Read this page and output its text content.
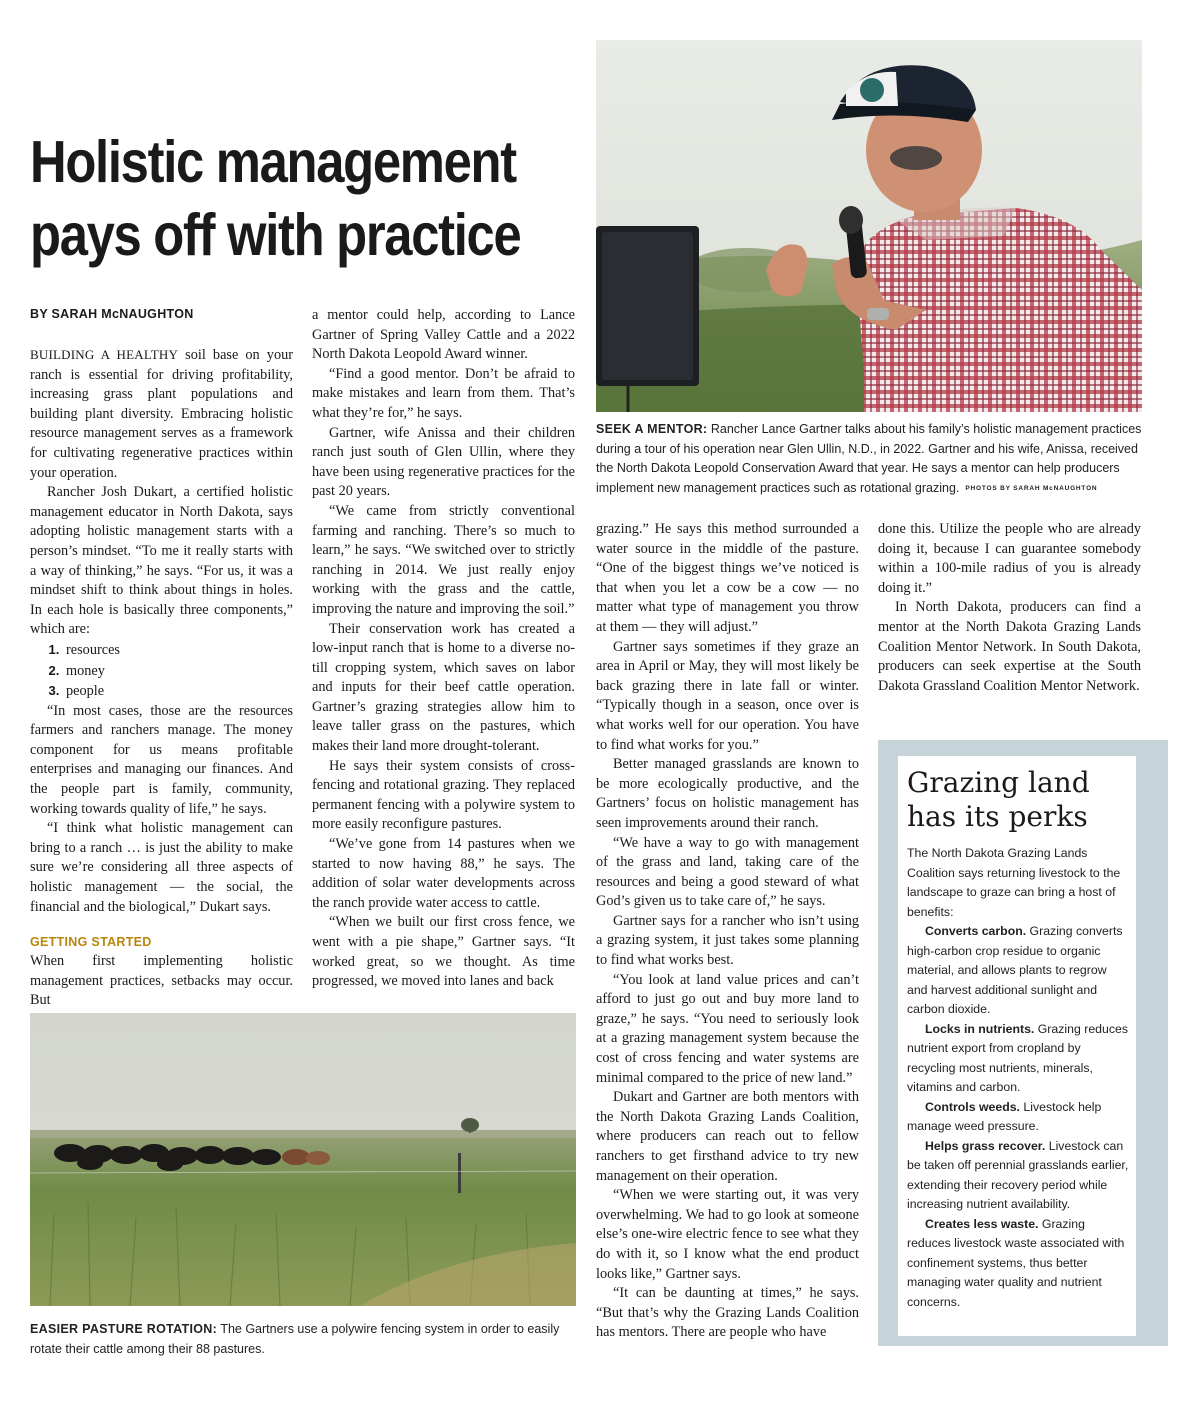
Holistic management
pays off with practice
BY SARAH McNAUGHTON
SEEK A MENTOR: Rancher Lance Gartner talks about his family’s holistic management practices during a tour of his operation near Glen Ullin, N.D., in 2022. Gartner and his wife, Anissa, received the North Dakota Leopold Conservation Award that year. He says a mentor can help producers implement new management practices such as rotational grazing. PHOTOS BY SARAH McNAUGHTON

BUILDING A HEALTHY soil base on your ranch is essential for driving profitability, increasing grass plant populations and building plant diversity. Embracing holistic resource management serves as a framework for cultivating regenerative practices within your operation.

Rancher Josh Dukart, a certified holistic management educator in North Dakota, says adopting holistic management starts with a person’s mindset. “To me it really starts with a way of thinking,” he says. “For us, it was a mindset shift to think about things in holes. In each hole is basically three components,” which are:

1. resources
2. money
3. people

“In most cases, those are the resources farmers and ranchers manage. The money component for us means profitable enterprises and managing our finances. And the people part is family, community, working towards quality of life,” he says.

“I think what holistic management can bring to a ranch … is just the ability to make sure we’re considering all three aspects of holistic management — the social, the financial and the biological,” Dukart says.

GETTING STARTED

When first implementing holistic management practices, setbacks may occur. But

a mentor could help, according to Lance Gartner of Spring Valley Cattle and a 2022 North Dakota Leopold Award winner.

“Find a good mentor. Don’t be afraid to make mistakes and learn from them. That’s what they’re for,” he says.

Gartner, wife Anissa and their children ranch just south of Glen Ullin, where they have been using regenerative practices for the past 20 years.

“We came from strictly conventional farming and ranching. There’s so much to learn,” he says. “We switched over to strictly ranching in 2014. We just really enjoy working with the grass and the cattle, improving the nature and improving the soil.”

Their conservation work has created a low-input ranch that is home to a diverse no-till cropping system, which saves on labor and inputs for their beef cattle operation. Gartner’s grazing strategies allow him to leave taller grass on the pastures, which makes their land more drought-tolerant.

He says their system consists of cross-fencing and rotational grazing. They replaced permanent fencing with a polywire system to more easily reconfigure pastures.

“We’ve gone from 14 pastures when we started to now having 88,” he says. The addition of solar water developments across the ranch provide water access to cattle.

“When we built our first cross fence, we went with a pie shape,” Gartner says. “It worked great, so we thought. As time progressed, we moved into lanes and back

grazing.” He says this method surrounded a water source in the middle of the pasture. “One of the biggest things we’ve noticed is that when you let a cow be a cow — no matter what type of management you throw at them — they will adjust.”

Gartner says sometimes if they graze an area in April or May, they will most likely be back grazing there in late fall or winter. “Typically though in a season, once over is what works well for our operation. You have to find what works for you.”

Better managed grasslands are known to be more ecologically productive, and the Gartners’ focus on holistic management has seen improvements around their ranch.

“We have a way to go with management of the grass and land, taking care of the resources and being a good steward of what God’s given us to take care of,” he says.

Gartner says for a rancher who isn’t using a grazing system, it just takes some planning to find what works best.

“You look at land value prices and can’t afford to just go out and buy more land to graze,” he says. “You need to seriously look at a grazing management system because the cost of cross fencing and water systems are minimal compared to the price of new land.”

Dukart and Gartner are both mentors with the North Dakota Grazing Lands Coalition, where producers can reach out to fellow ranchers to get firsthand advice to try new management on their operation.

“When we were starting out, it was very overwhelming. We had to go look at someone else’s one-wire electric fence to see what they do with it, so I know what the end product looks like,” Gartner says.

“It can be daunting at times,” he says. “But that’s why the Grazing Lands Coalition has mentors. There are people who have

done this. Utilize the people who are already doing it, because I can guarantee somebody within a 100-mile radius of you is already doing it.”

In North Dakota, producers can find a mentor at the North Dakota Grazing Lands Coalition Mentor Network. In South Dakota, producers can seek expertise at the South Dakota Grassland Coalition Mentor Network.

Grazing land
has its perks

The North Dakota Grazing Lands Coalition says returning livestock to the landscape to graze can bring a host of benefits:

Converts carbon. Grazing converts high-carbon crop residue to organic material, and allows plants to regrow and harvest additional sunlight and carbon dioxide.

Locks in nutrients. Grazing reduces nutrient export from cropland by recycling most nutrients, minerals, vitamins and carbon.

Controls weeds. Livestock help manage weed pressure.

Helps grass recover. Livestock can be taken off perennial grasslands earlier, extending their recovery period while increasing nutrient availability.

Creates less waste. Grazing reduces livestock waste associated with confinement systems, thus better managing water quality and nutrient concerns.

EASIER PASTURE ROTATION: The Gartners use a polywire fencing system in order to easily rotate their cattle among their 88 pastures.
